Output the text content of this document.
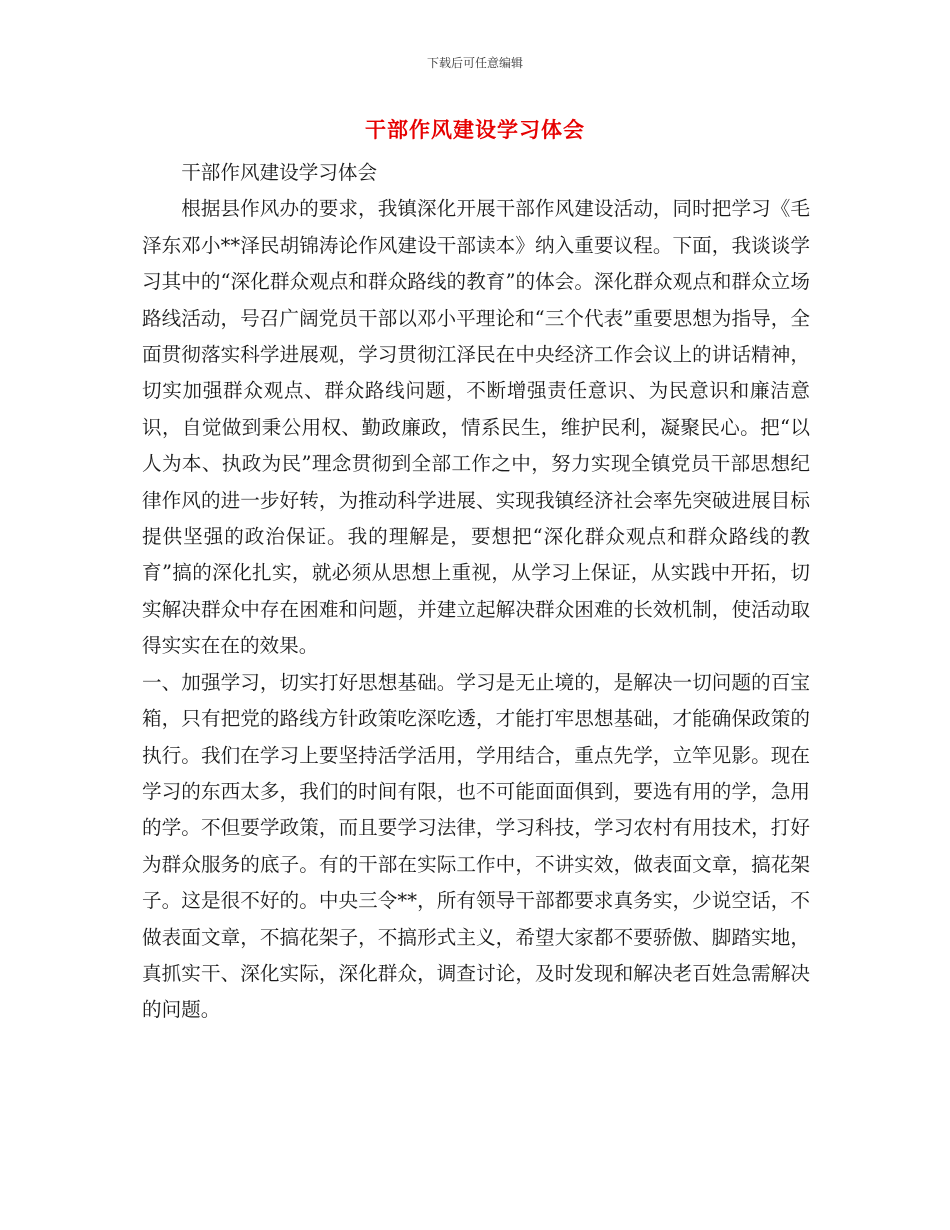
下载后可任意编辑
干部作风建设学习体会

干部作风建设学习体会

根据县作风办的要求，我镇深化开展干部作风建设活动，同时把学习《毛泽东邓小**泽民胡锦涛论作风建设干部读本》纳入重要议程。下面，我谈谈学习其中的“深化群众观点和群众路线的教育”的体会。深化群众观点和群众立场路线活动，号召广阔党员干部以邓小平理论和“三个代表”重要思想为指导，全面贯彻落实科学进展观，学习贯彻江泽民在中央经济工作会议上的讲话精神，切实加强群众观点、群众路线问题，不断增强责任意识、为民意识和廉洁意识，自觉做到秉公用权、勤政廉政，情系民生，维护民利，凝聚民心。把“以人为本、执政为民”理念贯彻到全部工作之中，努力实现全镇党员干部思想纪律作风的进一步好转，为推动科学进展、实现我镇经济社会率先突破进展目标提供坚强的政治保证。我的理解是，要想把“深化群众观点和群众路线的教育”搞的深化扎实，就必须从思想上重视，从学习上保证，从实践中开拓，切实解决群众中存在困难和问题，并建立起解决群众困难的长效机制，使活动取得实实在在的效果。

一、加强学习，切实打好思想基础。学习是无止境的，是解决一切问题的百宝箱，只有把党的路线方针政策吃深吃透，才能打牢思想基础，才能确保政策的执行。我们在学习上要坚持活学活用，学用结合，重点先学，立竿见影。现在学习的东西太多，我们的时间有限，也不可能面面俱到，要选有用的学，急用的学。不但要学政策，而且要学习法律，学习科技，学习农村有用技术，打好为群众服务的底子。有的干部在实际工作中，不讲实效，做表面文章，搞花架子。这是很不好的。中央三令**，所有领导干部都要求真务实，少说空话，不做表面文章，不搞花架子，不搞形式主义，希望大家都不要骄傲、脚踏实地，真抓实干、深化实际，深化群众，调查讨论，及时发现和解决老百姓急需解决的问题。
